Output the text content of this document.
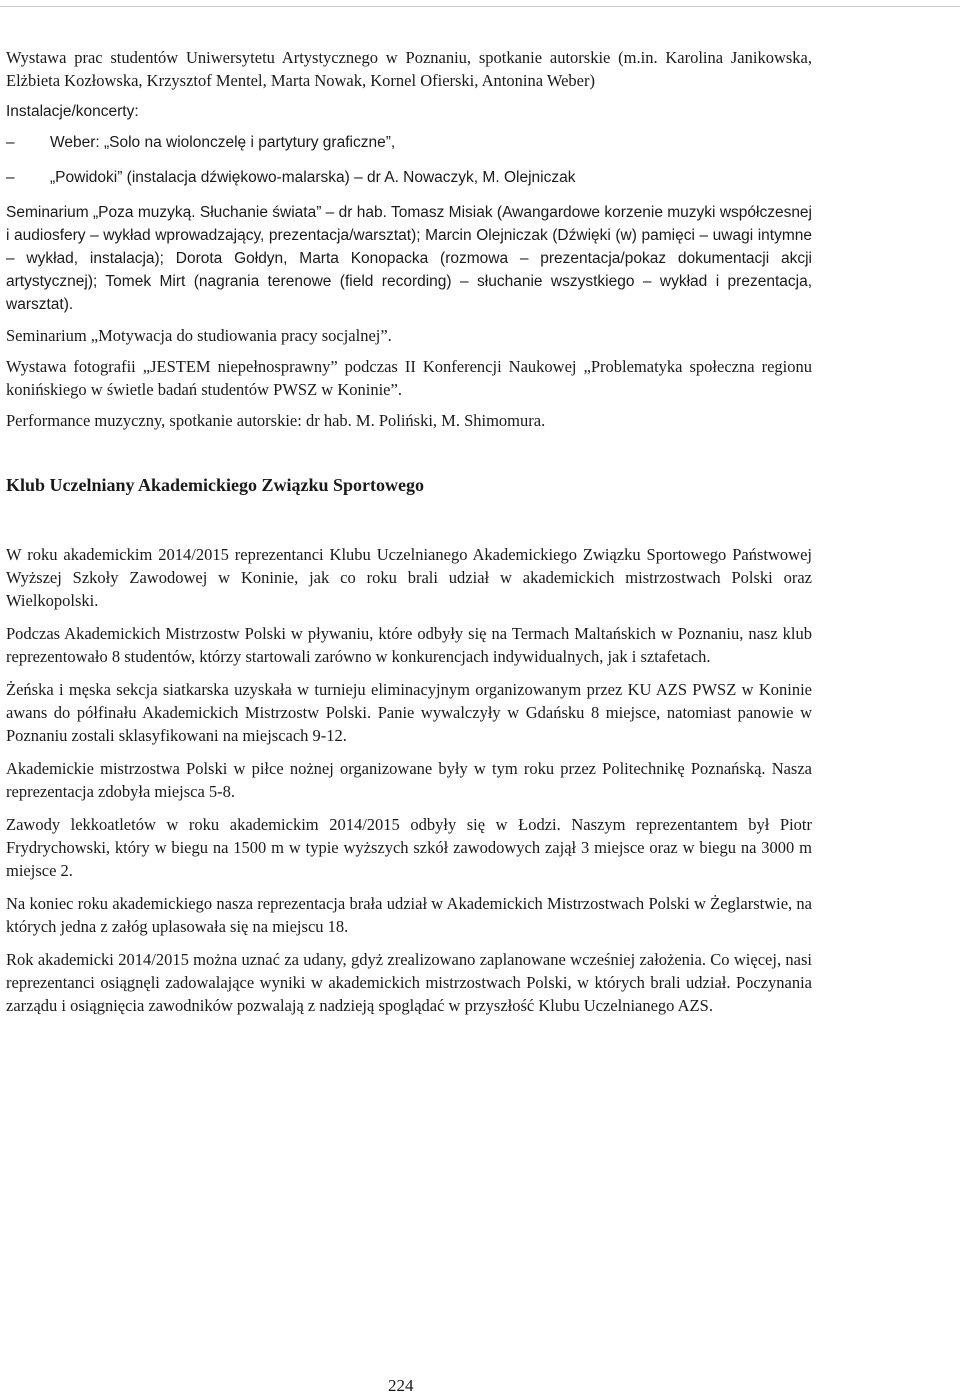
Wystawa prac studentów Uniwersytetu Artystycznego w Poznaniu, spotkanie autorskie (m.in. Karolina Janikowska, Elżbieta Kozłowska, Krzysztof Mentel, Marta Nowak, Kornel Ofierski, Antonina Weber)

Instalacje/koncerty:

– Weber: „Solo na wiolonczelę i partytury graficzne”,
– „Powidoki” (instalacja dźwiękowo-malarska) – dr A. Nowaczyk, M. Olejniczak

Seminarium „Poza muzyką. Słuchanie świata” – dr hab. Tomasz Misiak (Awangardowe korzenie muzyki współczesnej i audiosfery – wykład wprowadzający, prezentacja/warsztat); Marcin Olejniczak (Dźwięki (w) pamięci – uwagi intymne – wykład, instalacja); Dorota Gołdyn, Marta Konopacka (rozmowa – prezentacja/pokaz dokumentacji akcji artystycznej); Tomek Mirt (nagrania terenowe (field recording) – słuchanie wszystkiego – wykład i prezentacja, warsztat).

Seminarium „Motywacja do studiowania pracy socjalnej”.

Wystawa fotografii „JESTEM niepełnosprawny” podczas II Konferencji Naukowej „Problematyka społeczna regionu konińskiego w świetle badań studentów PWSZ w Koninie”.

Performance muzyczny, spotkanie autorskie: dr hab. M. Poliński, M. Shimomura.

Klub Uczelniany Akademickiego Związku Sportowego

W roku akademickim 2014/2015 reprezentanci Klubu Uczelnianego Akademickiego Związku Sportowego Państwowej Wyższej Szkoły Zawodowej w Koninie, jak co roku brali udział w akademickich mistrzostwach Polski oraz Wielkopolski.

Podczas Akademickich Mistrzostw Polski w pływaniu, które odbyły się na Termach Maltańskich w Poznaniu, nasz klub reprezentowało 8 studentów, którzy startowali zarówno w konkurencjach indywidualnych, jak i sztafetach.

Żeńska i męska sekcja siatkarska uzyskała w turnieju eliminacyjnym organizowanym przez KU AZS PWSZ w Koninie awans do półfinału Akademickich Mistrzostw Polski. Panie wywalczyły w Gdańsku 8 miejsce, natomiast panowie w Poznaniu zostali sklasyfikowani na miejscach 9-12.

Akademickie mistrzostwa Polski w piłce nożnej organizowane były w tym roku przez Politechnikę Poznańską. Nasza reprezentacja zdobyła miejsca 5-8.

Zawody lekkoatletów w roku akademickim 2014/2015 odbyły się w Łodzi. Naszym reprezentantem był Piotr Frydrychowski, który w biegu na 1500 m w typie wyższych szkół zawodowych zajął 3 miejsce oraz w biegu na 3000 m miejsce 2.

Na koniec roku akademickiego nasza reprezentacja brała udział w Akademickich Mistrzostwach Polski w Żeglarstwie, na których jedna z załóg uplasowała się na miejscu 18.

Rok akademicki 2014/2015 można uznać za udany, gdyż zrealizowano zaplanowane wcześniej założenia. Co więcej, nasi reprezentanci osiągnęli zadowalające wyniki w akademickich mistrzostwach Polski, w których brali udział. Poczynania zarządu i osiągnięcia zawodników pozwalają z nadzieją spoglądać w przyszłość Klubu Uczelnianego AZS.

224
